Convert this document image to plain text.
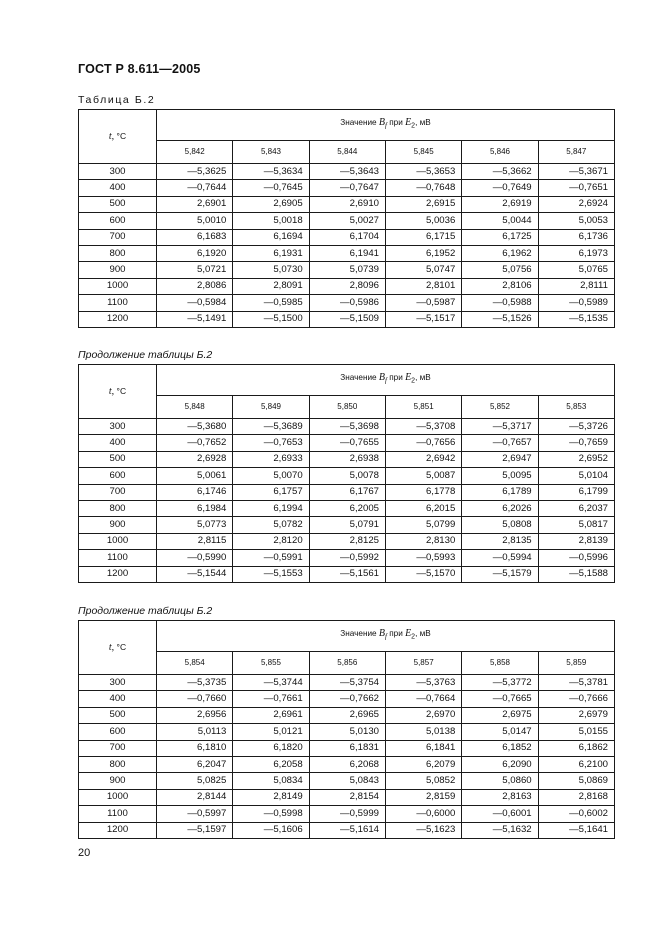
ГОСТ Р 8.611—2005
Таблица Б.2
t, °C	Значение Bf при E2, мВ					
	5,842	5,843	5,844	5,845	5,846	5,847
300	—5,3625	—5,3634	—5,3643	—5,3653	—5,3662	—5,3671
400	—0,7644	—0,7645	—0,7647	—0,7648	—0,7649	—0,7651
500	2,6901	2,6905	2,6910	2,6915	2,6919	2,6924
600	5,0010	5,0018	5,0027	5,0036	5,0044	5,0053
700	6,1683	6,1694	6,1704	6,1715	6,1725	6,1736
800	6,1920	6,1931	6,1941	6,1952	6,1962	6,1973
900	5,0721	5,0730	5,0739	5,0747	5,0756	5,0765
1000	2,8086	2,8091	2,8096	2,8101	2,8106	2,8111
1100	—0,5984	—0,5985	—0,5986	—0,5987	—0,5988	—0,5989
1200	—5,1491	—5,1500	—5,1509	—5,1517	—5,1526	—5,1535
Продолжение таблицы Б.2
t, °C	Значение Bf при E2, мВ					
	5,848	5,849	5,850	5,851	5,852	5,853
300	—5,3680	—5,3689	—5,3698	—5,3708	—5,3717	—5,3726
400	—0,7652	—0,7653	—0,7655	—0,7656	—0,7657	—0,7659
500	2,6928	2,6933	2,6938	2,6942	2,6947	2,6952
600	5,0061	5,0070	5,0078	5,0087	5,0095	5,0104
700	6,1746	6,1757	6,1767	6,1778	6,1789	6,1799
800	6,1984	6,1994	6,2005	6,2015	6,2026	6,2037
900	5,0773	5,0782	5,0791	5,0799	5,0808	5,0817
1000	2,8115	2,8120	2,8125	2,8130	2,8135	2,8139
1100	—0,5990	—0,5991	—0,5992	—0,5993	—0,5994	—0,5996
1200	—5,1544	—5,1553	—5,1561	—5,1570	—5,1579	—5,1588
Продолжение таблицы Б.2
t, °C	Значение Bf при E2, мВ					
	5,854	5,855	5,856	5,857	5,858	5,859
300	—5,3735	—5,3744	—5,3754	—5,3763	—5,3772	—5,3781
400	—0,7660	—0,7661	—0,7662	—0,7664	—0,7665	—0,7666
500	2,6956	2,6961	2,6965	2,6970	2,6975	2,6979
600	5,0113	5,0121	5,0130	5,0138	5,0147	5,0155
700	6,1810	6,1820	6,1831	6,1841	6,1852	6,1862
800	6,2047	6,2058	6,2068	6,2079	6,2090	6,2100
900	5,0825	5,0834	5,0843	5,0852	5,0860	5,0869
1000	2,8144	2,8149	2,8154	2,8159	2,8163	2,8168
1100	—0,5997	—0,5998	—0,5999	—0,6000	—0,6001	—0,6002
1200	—5,1597	—5,1606	—5,1614	—5,1623	—5,1632	—5,1641
20
